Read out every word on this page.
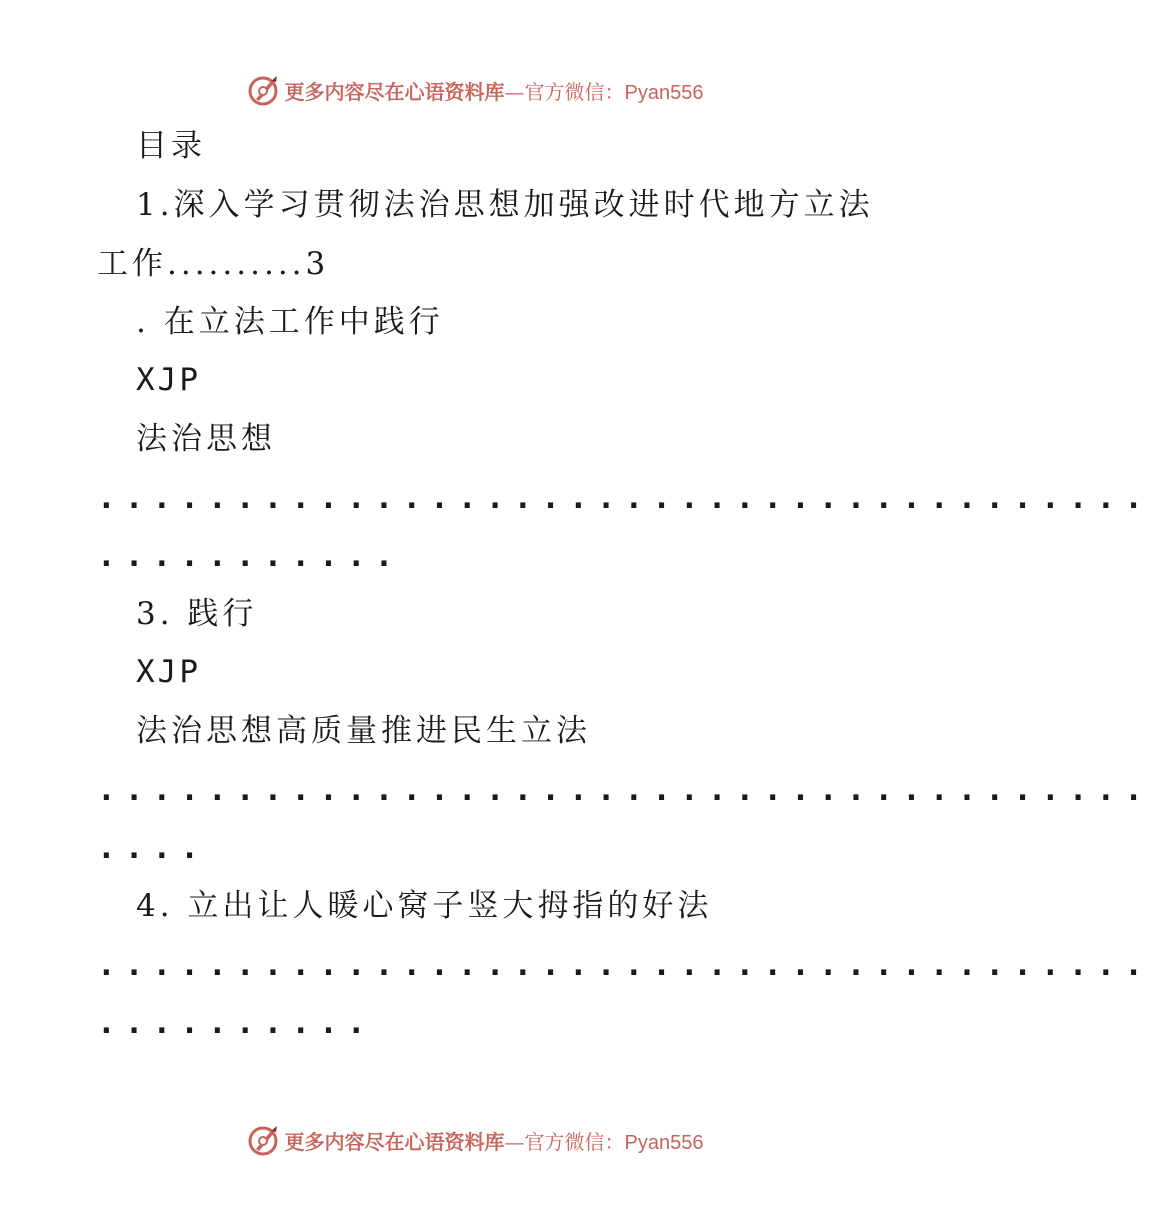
更多内容尽在心语资料库—官方微信：Pyan556
目录
1.深入学习贯彻法治思想加强改进时代地方立法
工作..........3
. 在立法工作中践行
XJP
法治思想
......................................
...........
3. 践行
XJP
法治思想高质量推进民生立法
......................................
....
4. 立出让人暖心窝子竖大拇指的好法
......................................
..........
更多内容尽在心语资料库—官方微信：Pyan556
